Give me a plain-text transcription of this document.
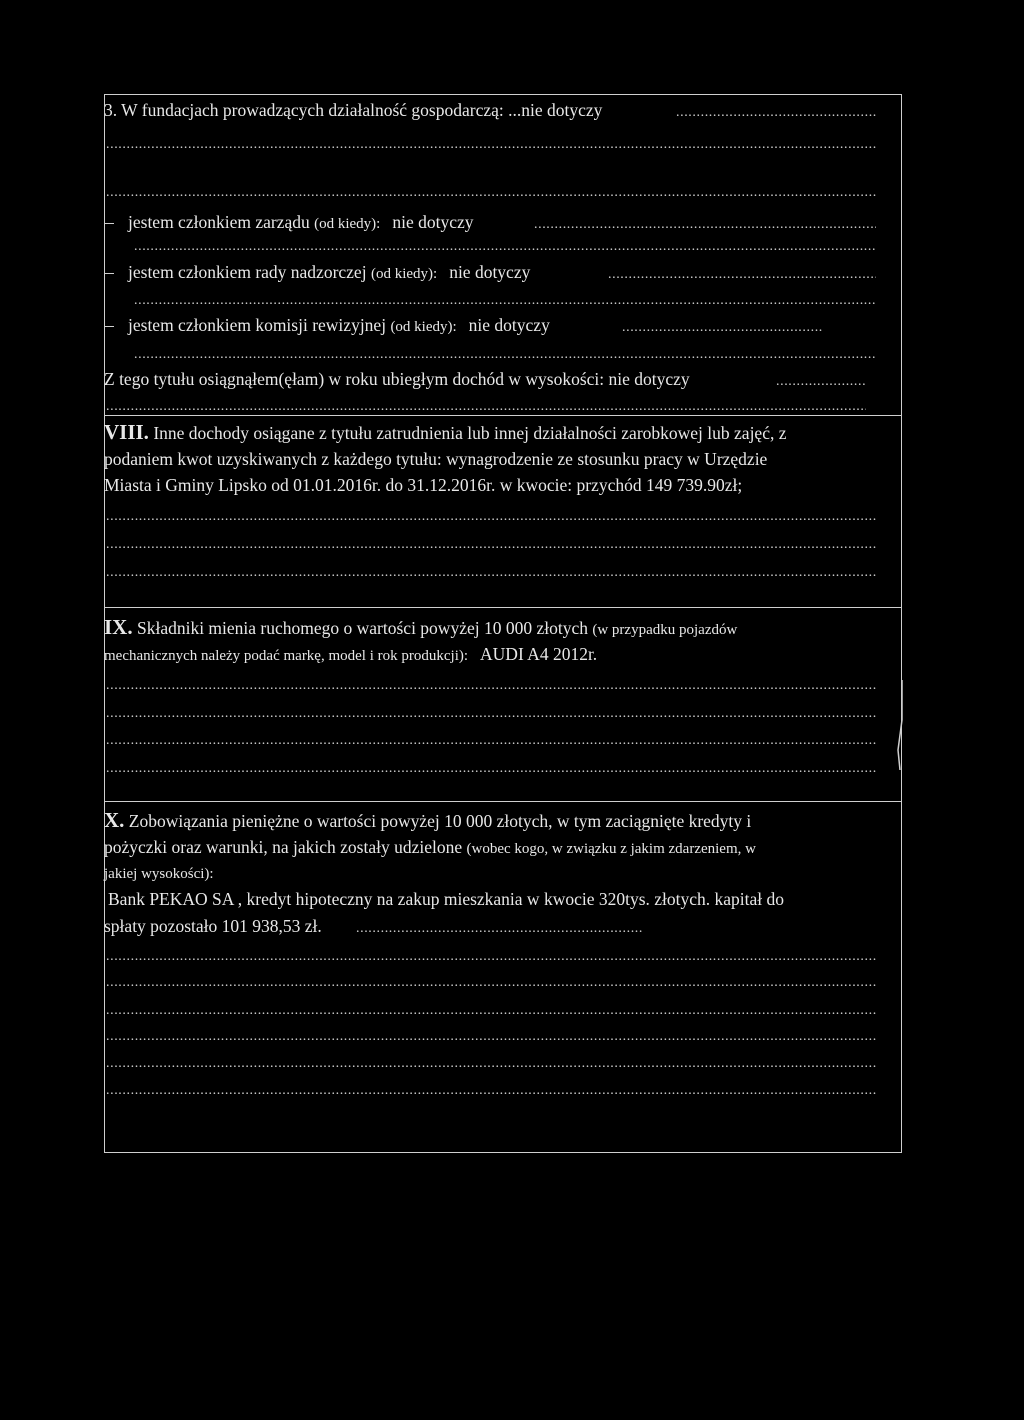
3. W fundacjach prowadzących działalność gospodarczą: ...nie dotyczy
.....
.....
.....
jestem członkiem zarządu (od kiedy): nie dotyczy
.....
.....
jestem członkiem rady nadzorczej (od kiedy): nie dotyczy
.....
.....
jestem członkiem komisji rewizyjnej (od kiedy): nie dotyczy
.....
.....
Z tego tytułu osiągnąłem(ęłam) w roku ubiegłym dochód w wysokości: nie dotyczy
.....
.....
VIII. Inne dochody osiągane z tytułu zatrudnienia lub innej działalności zarobkowej lub zajęć, z
podaniem kwot uzyskiwanych z każdego tytułu: wynagrodzenie ze stosunku pracy w Urzędzie
Miasta i Gminy Lipsko od 01.01.2016r. do 31.12.2016r. w kwocie: przychód 149 739.90zł;
.....
.....
.....
IX. Składniki mienia ruchomego o wartości powyżej 10 000 złotych (w przypadku pojazdów
mechanicznych należy podać markę, model i rok produkcji): AUDI A4 2012r.
.....
.....
.....
.....
X. Zobowiązania pieniężne o wartości powyżej 10 000 złotych, w tym zaciągnięte kredyty i
pożyczki oraz warunki, na jakich zostały udzielone (wobec kogo, w związku z jakim zdarzeniem, w
jakiej wysokości):
Bank PEKAO SA , kredyt hipoteczny na zakup mieszkania w kwocie 320tys. złotych. kapitał do
spłaty pozostało 101 938,53 zł.
.....
.....
.....
.....
.....
.....
.....
